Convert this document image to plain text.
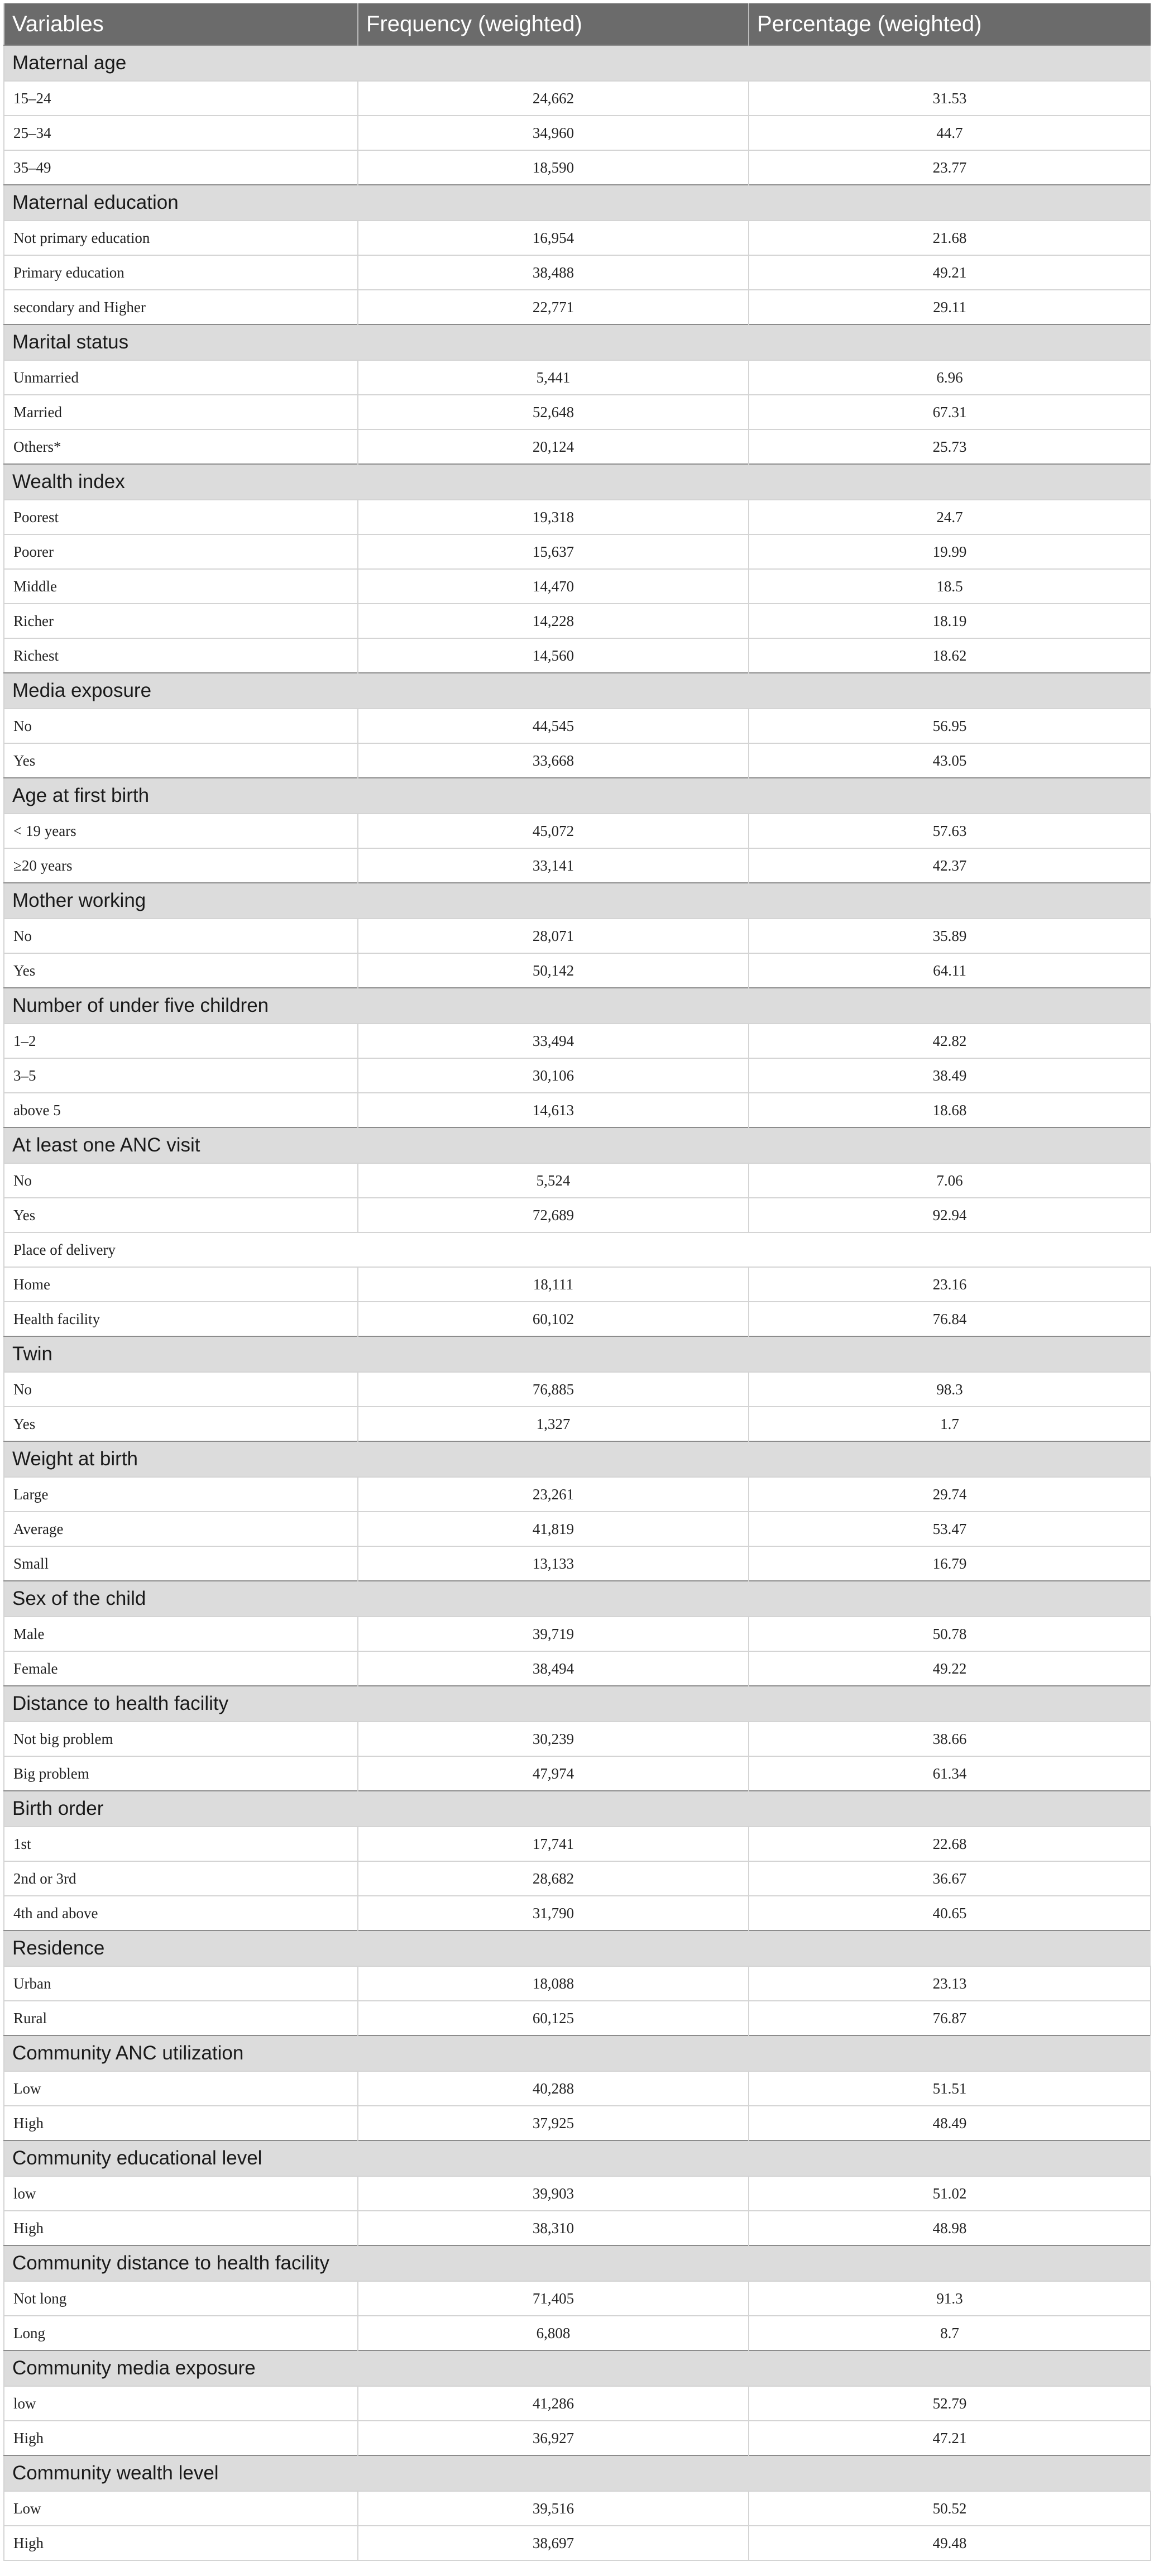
Variables	Frequency (weighted)	Percentage (weighted)
Maternal age		
15–24	24,662	31.53
25–34	34,960	44.7
35–49	18,590	23.77
Maternal education		
Not primary education	16,954	21.68
Primary education	38,488	49.21
secondary and Higher	22,771	29.11
Marital status		
Unmarried	5,441	6.96
Married	52,648	67.31
Others*	20,124	25.73
Wealth index		
Poorest	19,318	24.7
Poorer	15,637	19.99
Middle	14,470	18.5
Richer	14,228	18.19
Richest	14,560	18.62
Media exposure		
No	44,545	56.95
Yes	33,668	43.05
Age at first birth		
< 19 years	45,072	57.63
≥20 years	33,141	42.37
Mother working		
No	28,071	35.89
Yes	50,142	64.11
Number of under five children		
1–2	33,494	42.82
3–5	30,106	38.49
above 5	14,613	18.68
At least one ANC visit		
No	5,524	7.06
Yes	72,689	92.94
Place of delivery		
Home	18,111	23.16
Health facility	60,102	76.84
Twin		
No	76,885	98.3
Yes	1,327	1.7
Weight at birth		
Large	23,261	29.74
Average	41,819	53.47
Small	13,133	16.79
Sex of the child		
Male	39,719	50.78
Female	38,494	49.22
Distance to health facility		
Not big problem	30,239	38.66
Big problem	47,974	61.34
Birth order		
1st	17,741	22.68
2nd or 3rd	28,682	36.67
4th and above	31,790	40.65
Residence		
Urban	18,088	23.13
Rural	60,125	76.87
Community ANC utilization		
Low	40,288	51.51
High	37,925	48.49
Community educational level		
low	39,903	51.02
High	38,310	48.98
Community distance to health facility		
Not long	71,405	91.3
Long	6,808	8.7
Community media exposure		
low	41,286	52.79
High	36,927	47.21
Community wealth level		
Low	39,516	50.52
High	38,697	49.48
